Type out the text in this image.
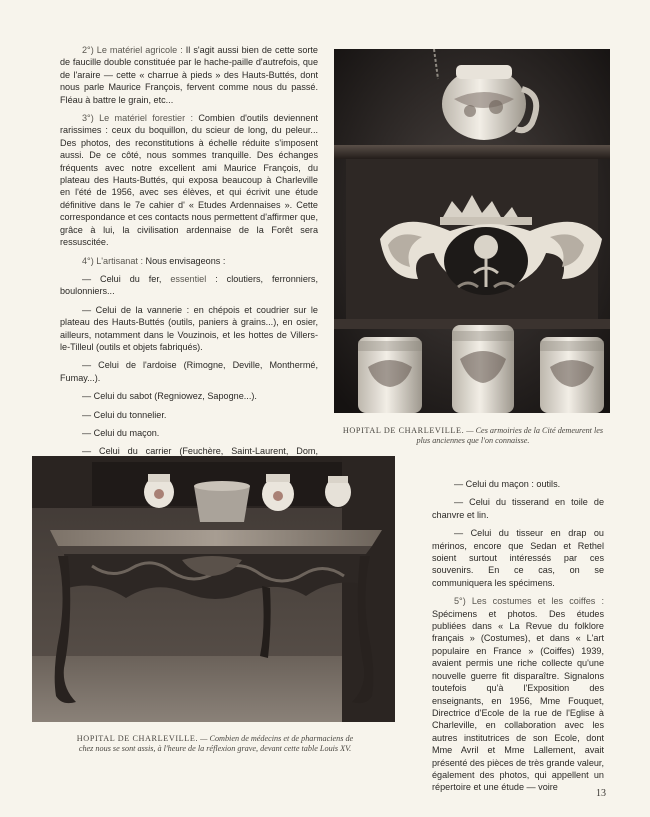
2°) Le matériel agricole : Il s'agit aussi bien de cette sorte de faucille double constituée par le hache-paille d'autrefois, que de l'araire — cette « charrue à pieds » des Hauts-Buttés, dont nous parle Maurice François, fervent comme nous du passé. Fléau à battre le grain, etc...

3°) Le matériel forestier : Combien d'outils deviennent rarissimes : ceux du boquillon, du scieur de long, du peleur... Des photos, des reconstitutions à échelle réduite s'imposent aussi. De ce côté, nous sommes tranquille. Des échanges fréquents avec notre excellent ami Maurice François, du plateau des Hauts-Buttés, qui exposa beaucoup à Charleville en l'été de 1956, avec ses élèves, et qui écrivit une étude définitive dans le 7e cahier d' « Etudes Ardennaises ». Cette correspondance et ces contacts nous permettent d'affirmer que, grâce à lui, la civilisation ardennaise de la Forêt sera ressuscitée.

4°) L'artisanat : Nous envisageons :

— Celui du fer, essentiel : cloutiers, ferronniers, boulonniers...

— Celui de la vannerie : en chépois et coudrier sur le plateau des Hauts-Buttés (outils, paniers à grains...), en osier, ailleurs, notamment dans le Vouzinois, et les hottes de Villers-le-Tilleul (outils et objets fabriqués).

— Celui de l'ardoise (Rimogne, Deville, Monthermé, Fumay...).

— Celui du sabot (Regniowez, Sapogne...).

— Celui du tonnelier.

— Celui du maçon.

— Celui du carrier (Feuchère, Saint-Laurent, Dom,

HOPITAL DE CHARLEVILLE. — Ces armoiries de la Cité demeurent les plus anciennes que l'on connaisse.
HOPITAL DE CHARLEVILLE. — Combien de médecins et de pharmaciens de chez nous se sont assis, à l'heure de la réflexion grave, devant cette table Louis XV.

— Celui du maçon : outils.

— Celui du tisserand en toile de chanvre et lin.

— Celui du tisseur en drap ou mérinos, encore que Sedan et Rethel soient surtout intéressés par ces souvenirs. En ce cas, on se communiquera les spécimens.

5°) Les costumes et les coiffes : Spécimens et photos. Des études publiées dans « La Revue du folklore français » (Costumes), et dans « L'art populaire en France » (Coiffes) 1939, avaient permis une riche collecte qu'une nouvelle guerre fit disparaître. Signalons toutefois qu'à l'Exposition des enseignants, en 1956, Mme Fouquet, Directrice d'Ecole de la rue de l'Eglise à Charleville, en collaboration avec les autres institutrices de son Ecole, dont Mme Avril et Mme Lallement, avait présenté des pièces de très grande valeur, également des photos, qui appellent un répertoire et une étude — voire

13
